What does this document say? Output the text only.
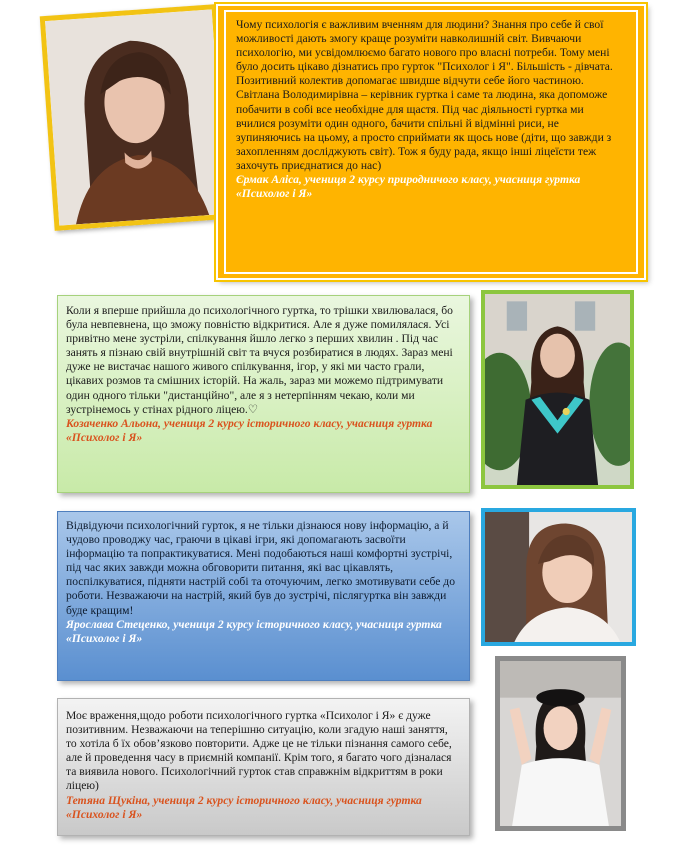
Чому психологія є важливим вченням для людини? Знання про себе й свої можливості дають змогу краще розуміти навколишній світ. Вивчаючи психологію, ми усвідомлюємо багато нового про власні потреби. Тому мені було досить цікаво дізнатись про гурток "Психолог і Я". Більшість - дівчата. Позитивний колектив допомагає швидше відчути себе його частиною. Світлана Володимирівна – керівник гуртка і саме та людина, яка допоможе побачити в собі все необхідне для щастя. Під час діяльності гуртка ми вчилися розуміти один одного, бачити спільні й відмінні риси, не зупиняючись на цьому, а просто сприймати як щось нове (діти, що завжди з захопленням досліджують світ). Тож я буду рада, якщо інші ліцеїсти теж захочуть приєднатися до нас)

Єрмак Аліса, учениця 2 курсу природничого класу, учасниця гуртка «Психолог і Я»

Коли я вперше прийшла до психологічного гуртка, то трішки хвилювалася, бо була невпевнена, що зможу повністю відкритися. Але я дуже помилялася. Усі привітно мене зустріли, спілкування йшло легко з перших хвилин . Під час занять я пізнаю свій внутрішній світ та вчуся розбиратися в людях. Зараз мені дуже не вистачає нашого живого спілкування, ігор, у які ми часто грали, цікавих розмов та смішних історій. На жаль, зараз ми можемо підтримувати один одного тільки "дистанційно", але я з нетерпінням чекаю, коли ми зустрінемось у стінах рідного ліцею.♡

Козаченко Альона, учениця 2 курсу історичного класу, учасниця гуртка «Психолог і Я»

Відвідуючи психологічний гурток, я не тільки дізнаюся нову інформацію, а й чудово проводжу час, граючи в цікаві ігри, які допомагають засвоїти інформацію та попрактикуватися. Мені подобаються наші комфортні зустрічі, під час яких завжди можна обговорити питання, які вас цікавлять, поспілкуватися, підняти настрій собі та оточуючим, легко змотивувати себе до роботи. Незважаючи на настрій, який був до зустрічі, післягуртка він завжди буде кращим!

Ярослава Стеценко, учениця 2 курсу історичного класу, учасниця гуртка «Психолог і Я»

Моє враження,щодо роботи психологічного гуртка «Психолог і Я» є дуже позитивним. Незважаючи на теперішню ситуацію, коли згадую наші заняття, то хотіла б їх обов’язково повторити. Адже це не тільки пізнання самого себе, але й проведення часу в приємній компанії. Крім того, я багато чого дізналася та виявила нового. Психологічний гурток став справжнім відкриттям в роки ліцею)

Тетяна Щукіна, учениця 2 курсу історичного класу, учасниця гуртка «Психолог і Я»
